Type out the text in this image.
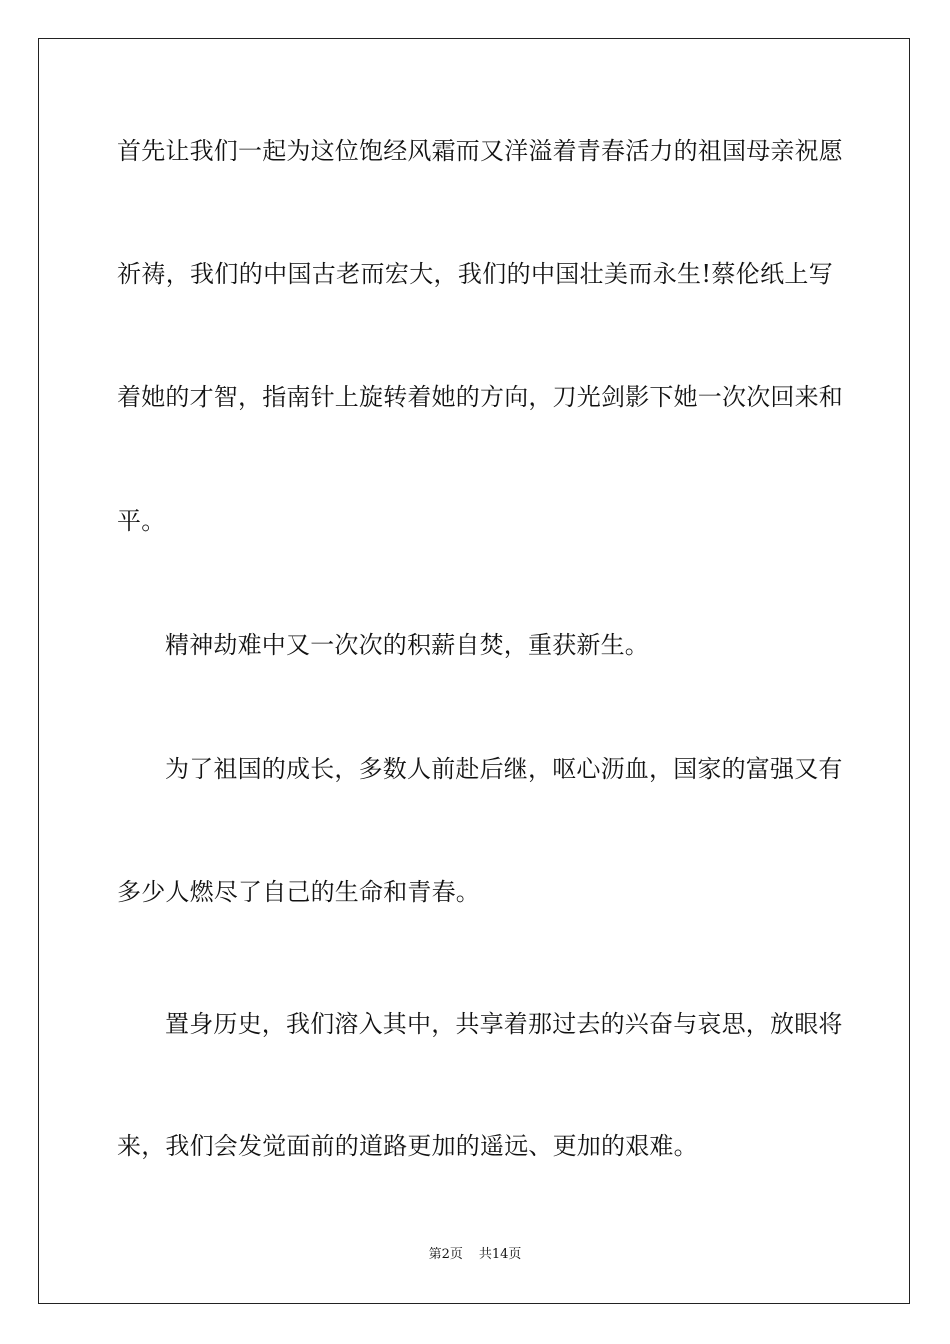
首先让我们一起为这位饱经风霜而又洋溢着青春活力的祖国母亲祝愿
祈祷，我们的中国古老而宏大，我们的中国壮美而永生!蔡伦纸上写
着她的才智，指南针上旋转着她的方向，刀光剑影下她一次次回来和
平。
精神劫难中又一次次的积薪自焚，重获新生。
为了祖国的成长，多数人前赴后继，呕心沥血，国家的富强又有
多少人燃尽了自己的生命和青春。
置身历史，我们溶入其中，共享着那过去的兴奋与哀思，放眼将
来，我们会发觉面前的道路更加的遥远、更加的艰难。
第2页 共14页
